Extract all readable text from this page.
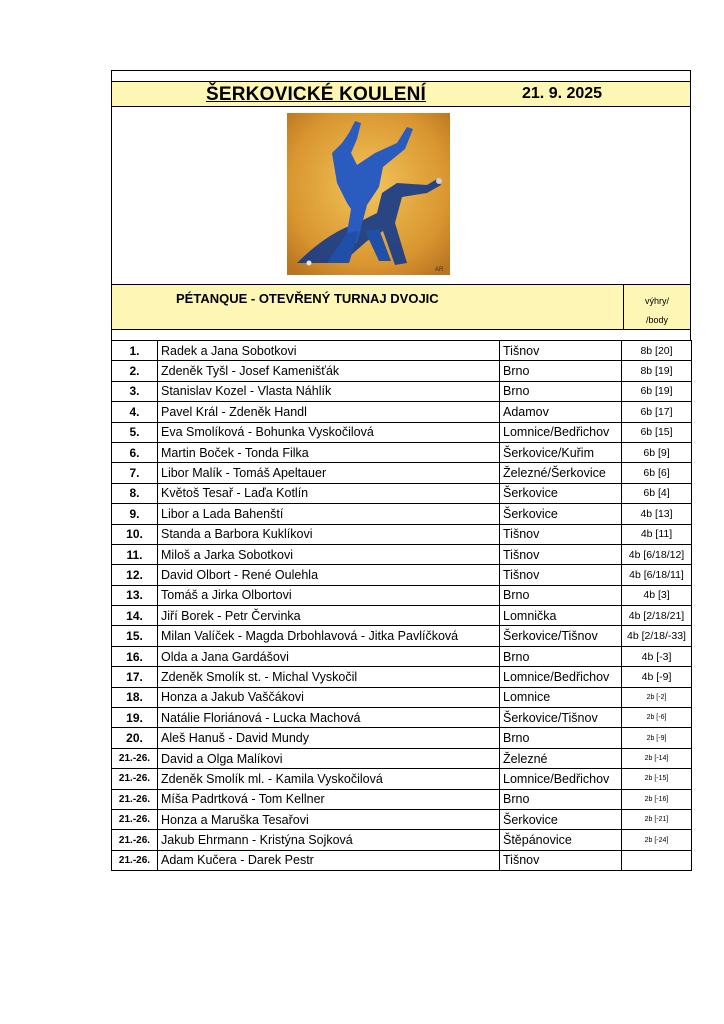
ŠERKOVICKÉ KOULENÍ	21. 9. 2025
AR
PÉTANQUE - OTEVŘENÝ TURNAJ DVOJIC	výhry/
/body
1.	Radek a Jana Sobotkovi	Tišnov	8b [20]
2.	Zdeněk Tyšl - Josef Kamenišťák	Brno	8b [19]
3.	Stanislav Kozel - Vlasta Náhlík	Brno	6b [19]
4.	Pavel Král - Zdeněk Handl	Adamov	6b [17]
5.	Eva Smolíková - Bohunka Vyskočilová	Lomnice/Bedřichov	6b [15]
6.	Martin Boček - Tonda Filka	Šerkovice/Kuřim	6b [9]
7.	Libor Malík - Tomáš Apeltauer	Železné/Šerkovice	6b [6]
8.	Květoš Tesař - Laďa Kotlín	Šerkovice	6b [4]
9.	Libor a Lada Bahenští	Šerkovice	4b [13]
10.	Standa a Barbora Kuklíkovi	Tišnov	4b [11]
11.	Miloš a Jarka Sobotkovi	Tišnov	4b [6/18/12]
12.	David Olbort - René Oulehla	Tišnov	4b [6/18/11]
13.	Tomáš a Jirka Olbortovi	Brno	4b [3]
14.	Jiří Borek - Petr Červinka	Lomnička	4b [2/18/21]
15.	Milan Valíček - Magda Drbohlavová - Jitka Pavlíčková	Šerkovice/Tišnov	4b [2/18/-33]
16.	Olda a Jana Gardášovi	Brno	4b [-3]
17.	Zdeněk Smolík st. - Michal Vyskočil	Lomnice/Bedřichov	4b [-9]
18.	Honza a Jakub Vaščákovi	Lomnice	2b [-2]
19.	Natálie Floriánová - Lucka Machová	Šerkovice/Tišnov	2b [-6]
20.	Aleš Hanuš - David Mundy	Brno	2b [-9]
21.-26.	David a Olga Malíkovi	Železné	2b [-14]
21.-26.	Zdeněk Smolík ml. - Kamila Vyskočilová	Lomnice/Bedřichov	2b [-15]
21.-26.	Míša Padrtková - Tom Kellner	Brno	2b [-16]
21.-26.	Honza a Maruška Tesařovi	Šerkovice	2b [-21]
21.-26.	Jakub Ehrmann - Kristýna Sojková	Štěpánovice	2b [-24]
21.-26.	Adam Kučera - Darek Pestr	Tišnov	
